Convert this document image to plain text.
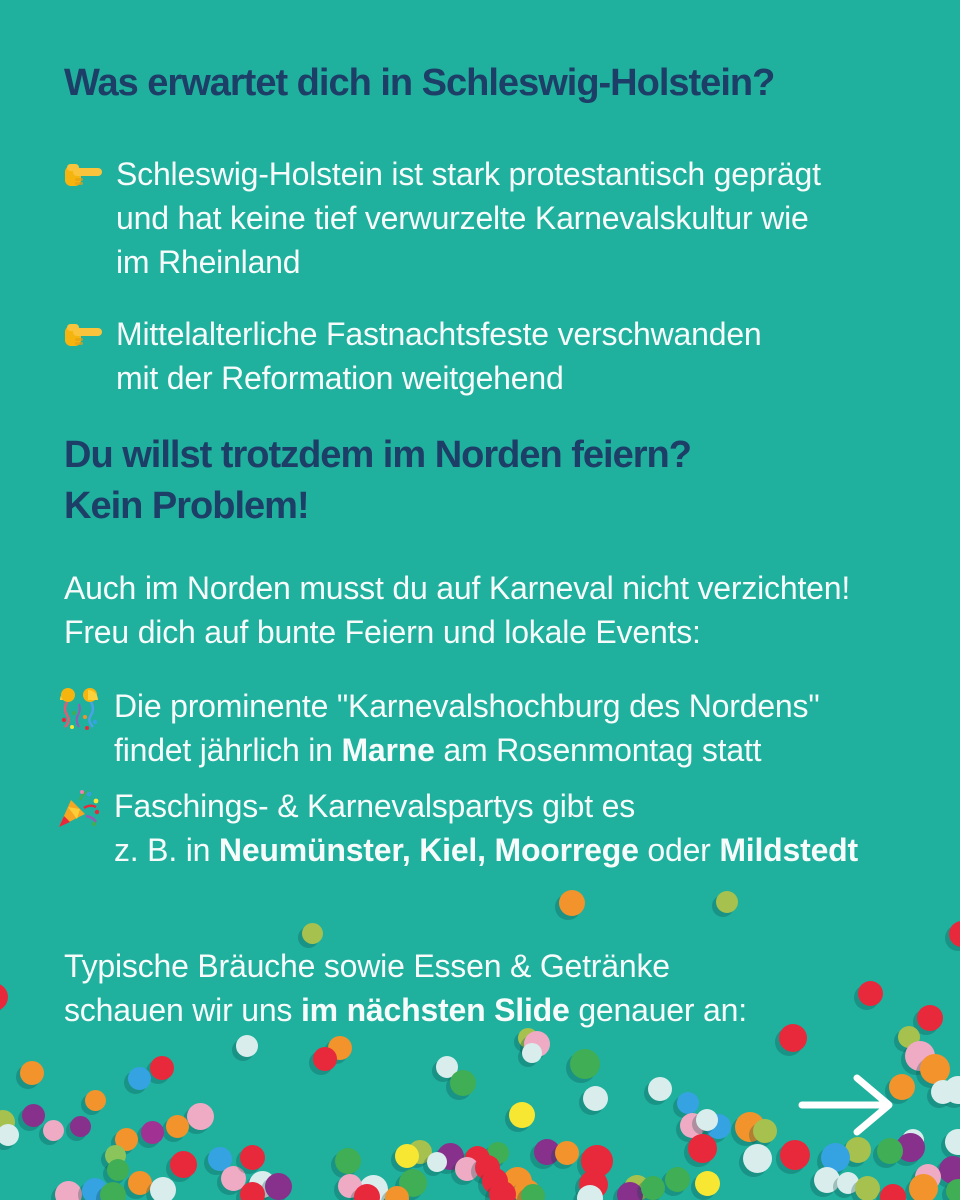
Was erwartet dich in Schleswig-Holstein?
Schleswig-Holstein ist stark protestantisch geprägt
und hat keine tief verwurzelte Karnevalskultur wie
im Rheinland
Mittelalterliche Fastnachtsfeste verschwanden
mit der Reformation weitgehend
Du willst trotzdem im Norden feiern?
Kein Problem!
Auch im Norden musst du auf Karneval nicht verzichten!
Freu dich auf bunte Feiern und lokale Events:
Die prominente "Karnevalshochburg des Nordens"
findet jährlich in Marne am Rosenmontag statt
Faschings- & Karnevalspartys gibt es
z. B. in Neumünster, Kiel, Moorrege oder Mildstedt
Typische Bräuche sowie Essen & Getränke
schauen wir uns im nächsten Slide genauer an:
